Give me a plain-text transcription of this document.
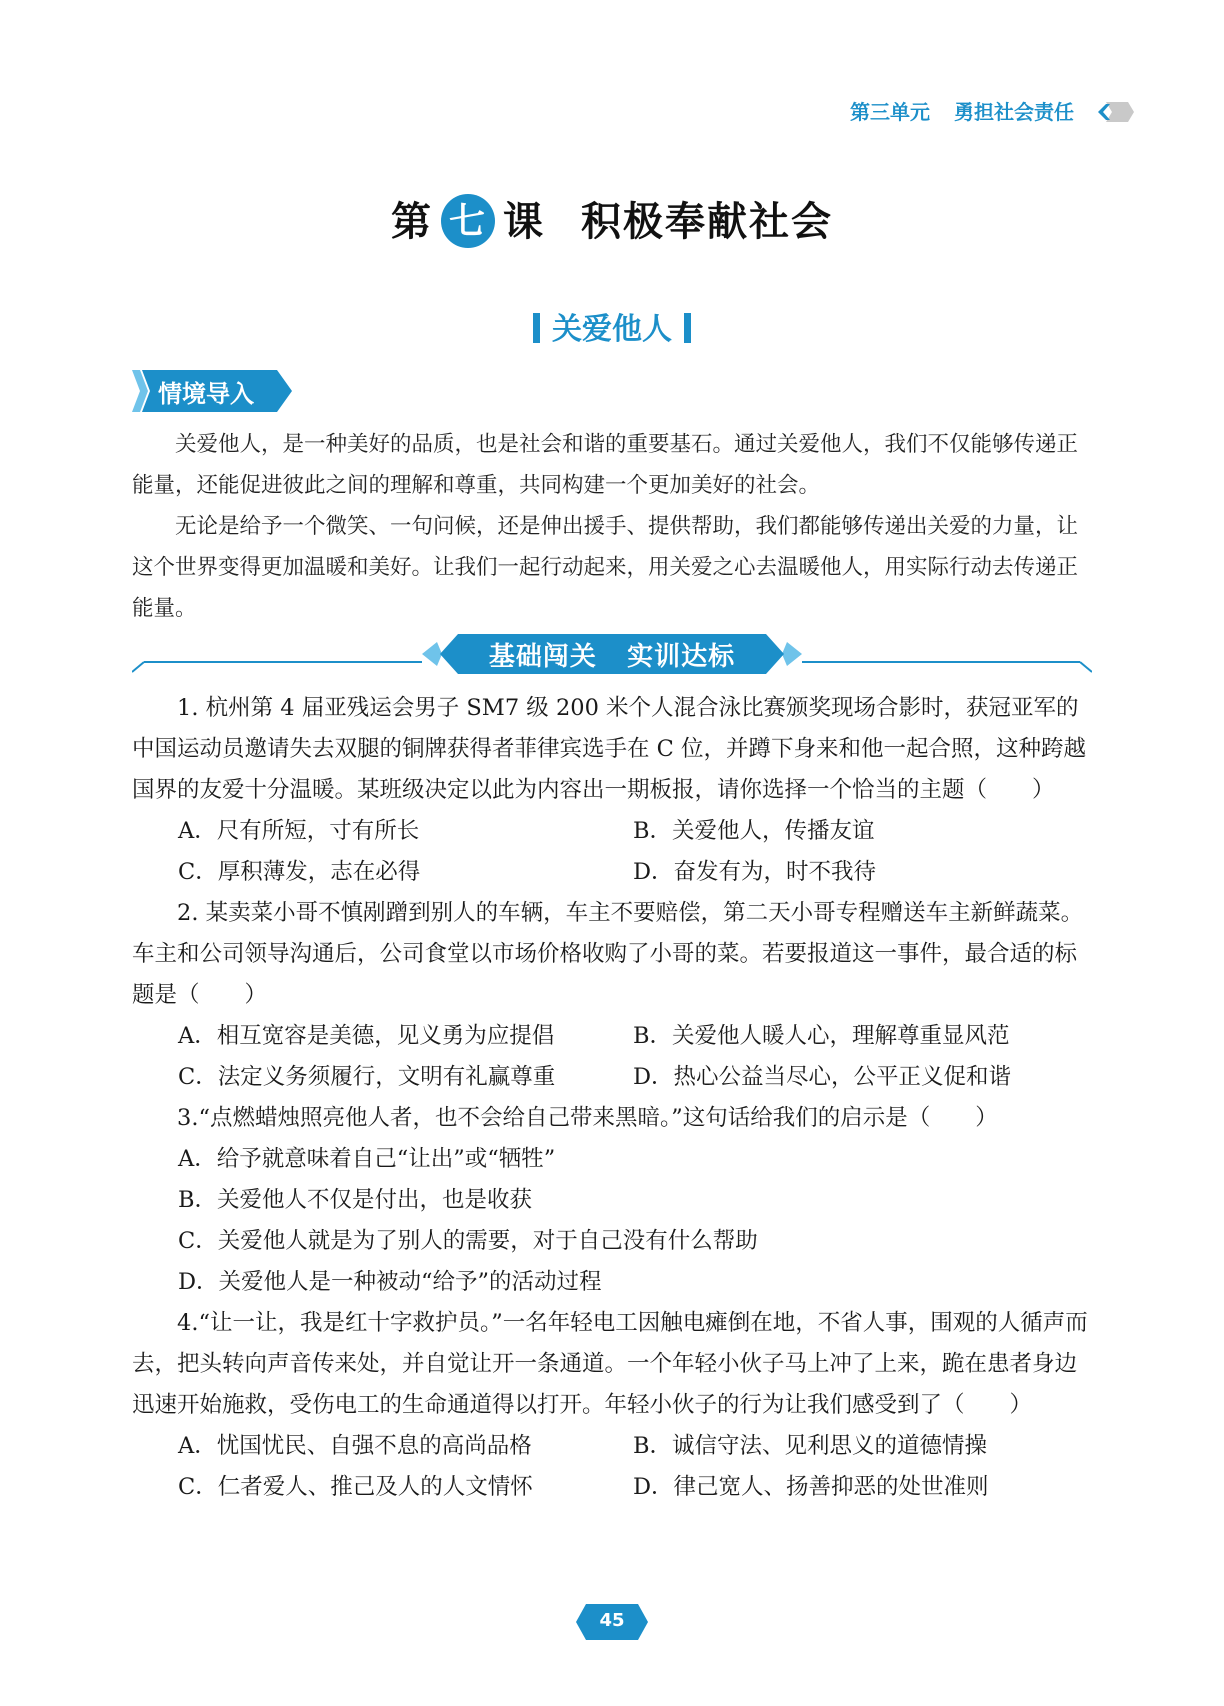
第三单元 勇担社会责任
第 七 课 积极奉献社会
关爱他人
情境导入

关爱他人，是一种美好的品质，也是社会和谐的重要基石。通过关爱他人，我们不仅能够传递正能量，还能促进彼此之间的理解和尊重，共同构建一个更加美好的社会。

无论是给予一个微笑、一句问候，还是伸出援手、提供帮助，我们都能够传递出关爱的力量，让这个世界变得更加温暖和美好。让我们一起行动起来，用关爱之心去温暖他人，用实际行动去传递正能量。

基础闯关 实训达标

1. 杭州第 4 届亚残运会男子 SM7 级 200 米个人混合泳比赛颁奖现场合影时，获冠亚军的中国运动员邀请失去双腿的铜牌获得者菲律宾选手在 C 位，并蹲下身来和他一起合照，这种跨越国界的友爱十分温暖。某班级决定以此为内容出一期板报，请你选择一个恰当的主题（　　）

A．尺有所短，寸有所长	B．关爱他人，传播友谊
C．厚积薄发，志在必得	D．奋发有为，时不我待

2. 某卖菜小哥不慎剐蹭到别人的车辆，车主不要赔偿，第二天小哥专程赠送车主新鲜蔬菜。车主和公司领导沟通后，公司食堂以市场价格收购了小哥的菜。若要报道这一事件，最合适的标题是（　　）

A．相互宽容是美德，见义勇为应提倡	B．关爱他人暖人心，理解尊重显风范
C．法定义务须履行，文明有礼赢尊重	D．热心公益当尽心，公平正义促和谐

3.“点燃蜡烛照亮他人者，也不会给自己带来黑暗。”这句话给我们的启示是（　　）

A．给予就意味着自己“让出”或“牺牲”
B．关爱他人不仅是付出，也是收获
C．关爱他人就是为了别人的需要，对于自己没有什么帮助
D．关爱他人是一种被动“给予”的活动过程

4.“让一让，我是红十字救护员。”一名年轻电工因触电瘫倒在地，不省人事，围观的人循声而去，把头转向声音传来处，并自觉让开一条通道。一个年轻小伙子马上冲了上来，跪在患者身边迅速开始施救，受伤电工的生命通道得以打开。年轻小伙子的行为让我们感受到了（　　）

A．忧国忧民、自强不息的高尚品格	B．诚信守法、见利思义的道德情操
C．仁者爱人、推己及人的人文情怀	D．律己宽人、扬善抑恶的处世准则
45
